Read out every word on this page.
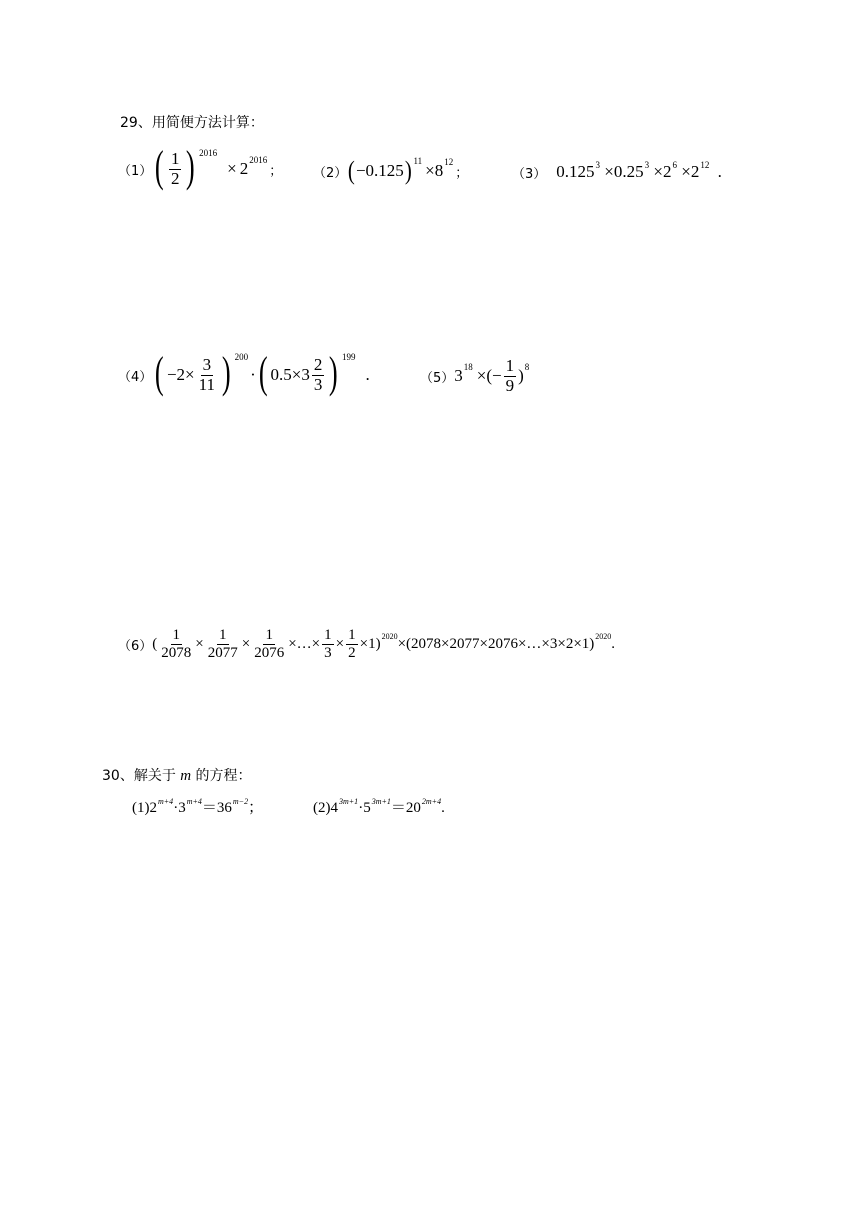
29、用简便方法计算：
（1） ( $\frac{1}{2}$ ) $^{2016}$
× $2^{2016}$
； （2） ( −0.125 )$^{11} \times 8^{12}$
；	（3） $0.125^3 \times 0.25^3 \times 2^6 \times 2^{12}$ .
（4） ( $-2\times \frac{3}{11}$ ) $^{200}$
· ( $0.5\times 3 \frac{2}{3}$ ) $^{199}$
.	（5） $3^{18}$ × (− $\frac{1}{9} )^8$
（6） ( $\frac{1}{2078} \times \frac{1}{2077} \times \frac{1}{2076}$ ×…× $\frac{1}{3} \times \frac{1}{2} \times 1)^{2020}$ ×(2078×2077×2076×…×3×2×1)$^{2020}$ .
30、解关于 m 的方程：
$(1)2^{m+4}\cdot 3^{m+4}=36^{m-2}$；	$(2)4^{3m+1}\cdot 5^{3m+1}=20^{2m+4}$.
